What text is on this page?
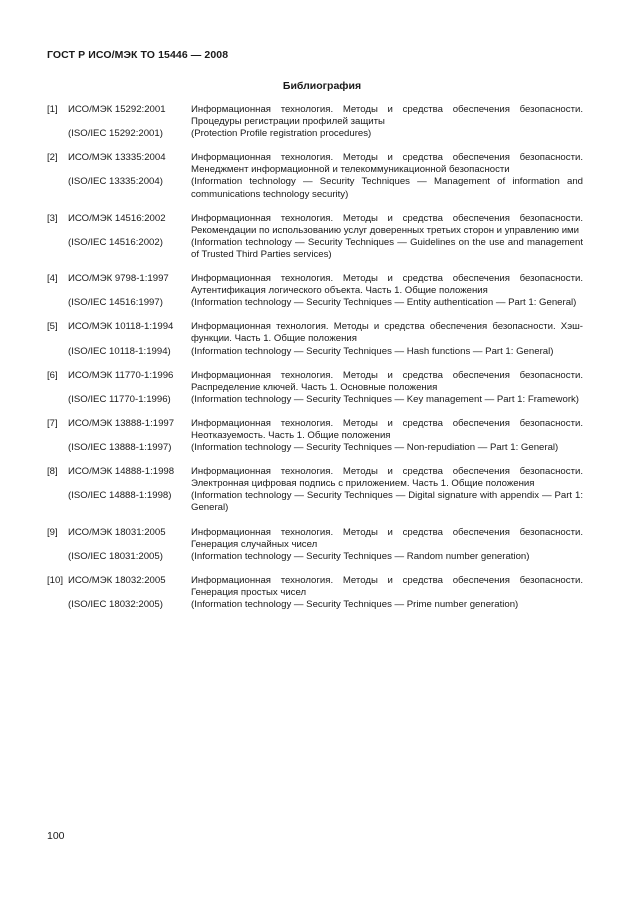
ГОСТ Р ИСО/МЭК ТО 15446 — 2008
Библиография
[1]	ИСО/МЭК 15292:2001	Информационная технология. Методы и средства обеспечения безопасности. Процедуры регистрации профилей защиты
(ISO/IEC 15292:2001)	(Protection Profile registration procedures)
[2]	ИСО/МЭК 13335:2004	Информационная технология. Методы и средства обеспечения безопасности. Менеджмент информационной и телекоммуникационной безопасности
(ISO/IEC 13335:2004)	(Information technology — Security Techniques — Management of information and communications technology security)
[3]	ИСО/МЭК 14516:2002	Информационная технология. Методы и средства обеспечения безопасности. Рекомендации по использованию услуг доверенных третьих сторон и управлению ими
(ISO/IEC 14516:2002)	(Information technology — Security Techniques — Guidelines on the use and management of Trusted Third Parties services)
[4]	ИСО/МЭК 9798-1:1997	Информационная технология. Методы и средства обеспечения безопасности. Аутентификация логического объекта. Часть 1. Общие положения
(ISO/IEC 14516:1997)	(Information technology — Security Techniques — Entity authentication — Part 1: General)
[5]	ИСО/МЭК 10118-1:1994	Информационная технология. Методы и средства обеспечения безопасности. Хэш-функции. Часть 1. Общие положения
(ISO/IEC 10118-1:1994)	(Information technology — Security Techniques — Hash functions — Part 1: General)
[6]	ИСО/МЭК 11770-1:1996	Информационная технология. Методы и средства обеспечения безопасности. Распределение ключей. Часть 1. Основные положения
(ISO/IEC 11770-1:1996)	(Information technology — Security Techniques — Key management — Part 1: Framework)
[7]	ИСО/МЭК 13888-1:1997	Информационная технология. Методы и средства обеспечения безопасности. Неотказуемость. Часть 1. Общие положения
(ISO/IEC 13888-1:1997)	(Information technology — Security Techniques — Non-repudiation — Part 1: General)
[8]	ИСО/МЭК 14888-1:1998	Информационная технология. Методы и средства обеспечения безопасности. Электронная цифровая подпись с приложением. Часть 1. Общие положения
(ISO/IEC 14888-1:1998)	(Information technology — Security Techniques — Digital signature with appendix — Part 1: General)
[9]	ИСО/МЭК 18031:2005	Информационная технология. Методы и средства обеспечения безопасности. Генерация случайных чисел
(ISO/IEC 18031:2005)	(Information technology — Security Techniques — Random number generation)
[10] ИСО/МЭК 18032:2005	Информационная технология. Методы и средства обеспечения безопасности. Генерация простых чисел
(ISO/IEC 18032:2005)	(Information technology — Security Techniques — Prime number generation)
100
